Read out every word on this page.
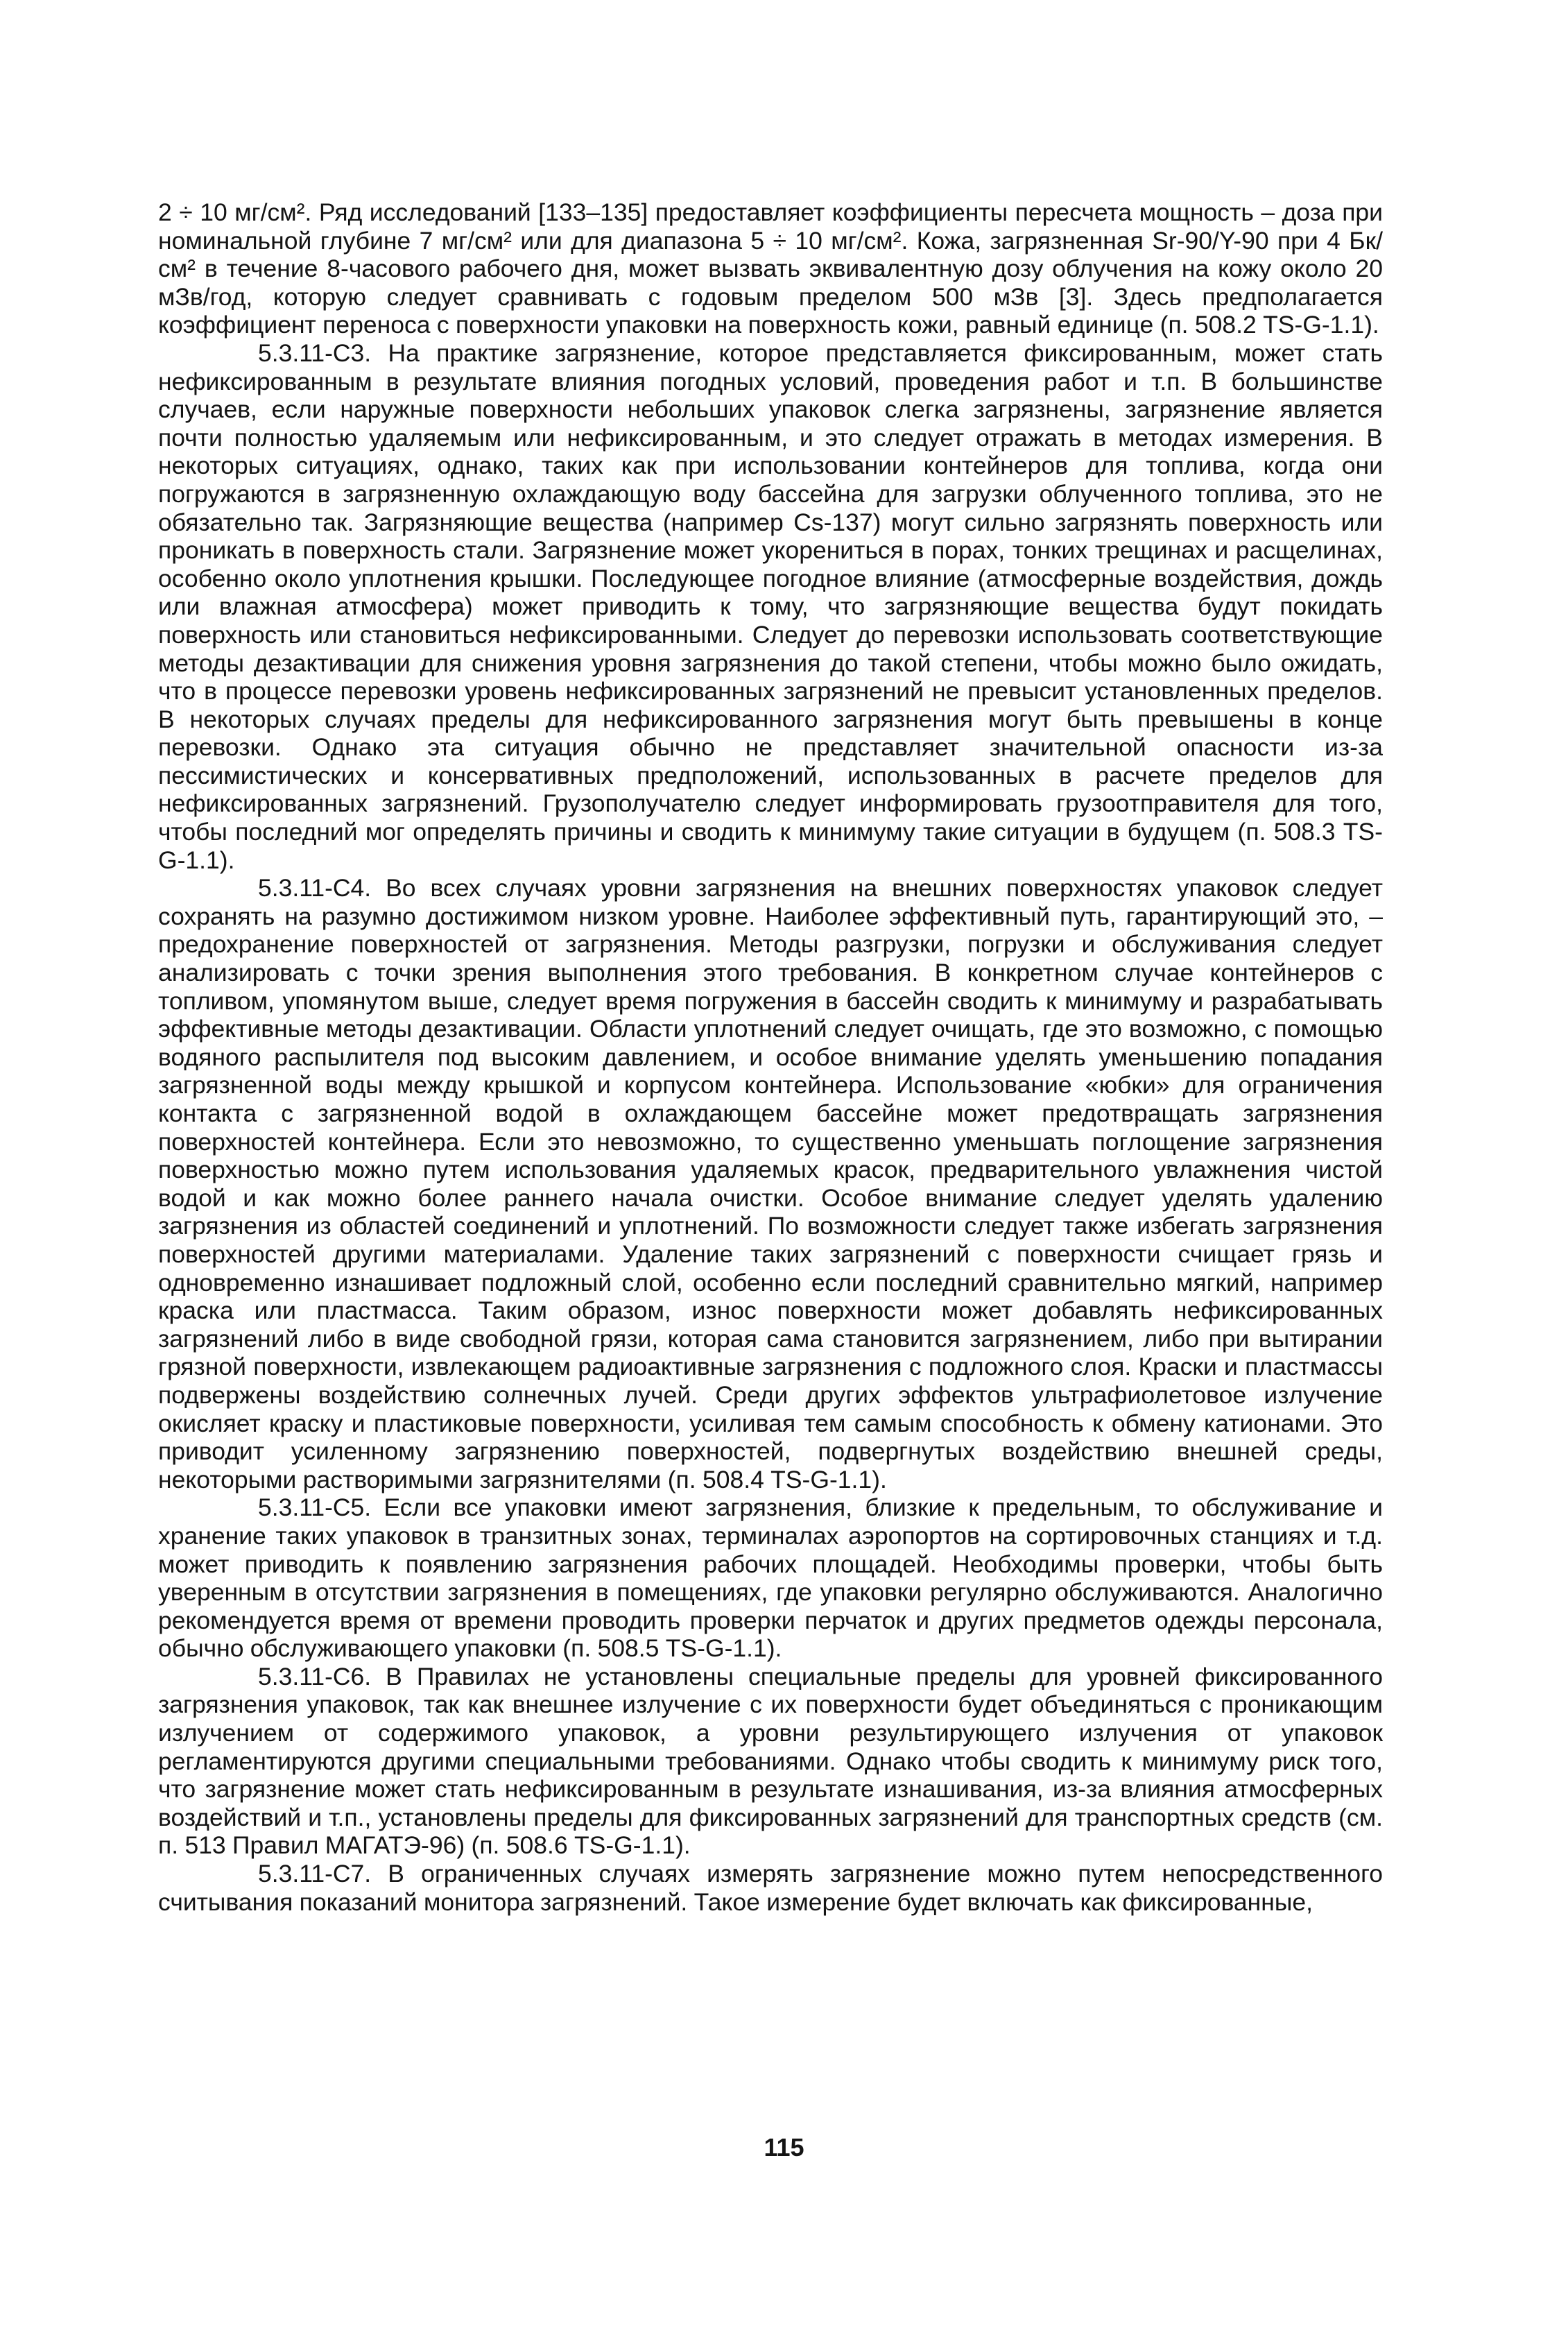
2 ÷ 10 мг/см². Ряд исследований [133–135] предоставляет коэффициенты пересчета мощность – доза при номинальной глубине 7 мг/см² или для диапазона 5 ÷ 10 мг/см². Кожа, загрязненная Sr-90/Y-90 при 4 Бк/см² в течение 8-часового рабочего дня, может вызвать эквивалентную дозу облучения на кожу около 20 мЗв/год, которую следует сравнивать с годовым пределом 500 мЗв [3]. Здесь предполагается коэффициент переноса с поверхности упаковки на поверхность кожи, равный единице (п. 508.2 TS-G-1.1).

5.3.11-С3. На практике загрязнение, которое представляется фиксированным, может стать нефиксированным в результате влияния погодных условий, проведения работ и т.п. В большинстве случаев, если наружные поверхности небольших упаковок слегка загрязнены, загрязнение является почти полностью удаляемым или нефиксированным, и это следует отражать в методах измерения. В некоторых ситуациях, однако, таких как при использовании контейнеров для топлива, когда они погружаются в загрязненную охлаждающую воду бассейна для загрузки облученного топлива, это не обязательно так. Загрязняющие вещества (например Cs-137) могут сильно загрязнять поверхность или проникать в поверхность стали. Загрязнение может укорениться в порах, тонких трещинах и расщелинах, особенно около уплотнения крышки. Последующее погодное влияние (атмосферные воздействия, дождь или влажная атмосфера) может приводить к тому, что загрязняющие вещества будут покидать поверхность или становиться нефиксированными. Следует до перевозки использовать соответствующие методы дезактивации для снижения уровня загрязнения до такой степени, чтобы можно было ожидать, что в процессе перевозки уровень нефиксированных загрязнений не превысит установленных пределов. В некоторых случаях пределы для нефиксированного загрязнения могут быть превышены в конце перевозки. Однако эта ситуация обычно не представляет значительной опасности из-за пессимистических и консервативных предположений, использованных в расчете пределов для нефиксированных загрязнений. Грузополучателю следует информировать грузоотправителя для того, чтобы последний мог определять причины и сводить к минимуму такие ситуации в будущем (п. 508.3 TS-G-1.1).

5.3.11-С4. Во всех случаях уровни загрязнения на внешних поверхностях упаковок следует сохранять на разумно достижимом низком уровне. Наиболее эффективный путь, гарантирующий это, – предохранение поверхностей от загрязнения. Методы разгрузки, погрузки и обслуживания следует анализировать с точки зрения выполнения этого требования. В конкретном случае контейнеров с топливом, упомянутом выше, следует время погружения в бассейн сводить к минимуму и разрабатывать эффективные методы дезактивации. Области уплотнений следует очищать, где это возможно, с помощью водяного распылителя под высоким давлением, и особое внимание уделять уменьшению попадания загрязненной воды между крышкой и корпусом контейнера. Использование «юбки» для ограничения контакта с загрязненной водой в охлаждающем бассейне может предотвращать загрязнения поверхностей контейнера. Если это невозможно, то существенно уменьшать поглощение загрязнения поверхностью можно путем использования удаляемых красок, предварительного увлажнения чистой водой и как можно более раннего начала очистки. Особое внимание следует уделять удалению загрязнения из областей соединений и уплотнений. По возможности следует также избегать загрязнения поверхностей другими материалами. Удаление таких загрязнений с поверхности счищает грязь и одновременно изнашивает подложный слой, особенно если последний сравнительно мягкий, например краска или пластмасса. Таким образом, износ поверхности может добавлять нефиксированных загрязнений либо в виде свободной грязи, которая сама становится загрязнением, либо при вытирании грязной поверхности, извлекающем радиоактивные загрязнения с подложного слоя. Краски и пластмассы подвержены воздействию солнечных лучей. Среди других эффектов ультрафиолетовое излучение окисляет краску и пластиковые поверхности, усиливая тем самым способность к обмену катионами. Это приводит усиленному загрязнению поверхностей, подвергнутых воздействию внешней среды, некоторыми растворимыми загрязнителями (п. 508.4 TS-G-1.1).

5.3.11-С5. Если все упаковки имеют загрязнения, близкие к предельным, то обслуживание и хранение таких упаковок в транзитных зонах, терминалах аэропортов на сортировочных станциях и т.д. может приводить к появлению загрязнения рабочих площадей. Необходимы проверки, чтобы быть уверенным в отсутствии загрязнения в помещениях, где упаковки регулярно обслуживаются. Аналогично рекомендуется время от времени проводить проверки перчаток и других предметов одежды персонала, обычно обслуживающего упаковки (п. 508.5 TS-G-1.1).

5.3.11-С6. В Правилах не установлены специальные пределы для уровней фиксированного загрязнения упаковок, так как внешнее излучение с их поверхности будет объединяться с проникающим излучением от содержимого упаковок, а уровни результирующего излучения от упаковок регламентируются другими специальными требованиями. Однако чтобы сводить к минимуму риск того, что загрязнение может стать нефиксированным в результате изнашивания, из-за влияния атмосферных воздействий и т.п., установлены пределы для фиксированных загрязнений для транспортных средств (см. п. 513 Правил МАГАТЭ-96) (п. 508.6 TS-G-1.1).

5.3.11-С7. В ограниченных случаях измерять загрязнение можно путем непосредственного считывания показаний монитора загрязнений. Такое измерение будет включать как фиксированные,

115
